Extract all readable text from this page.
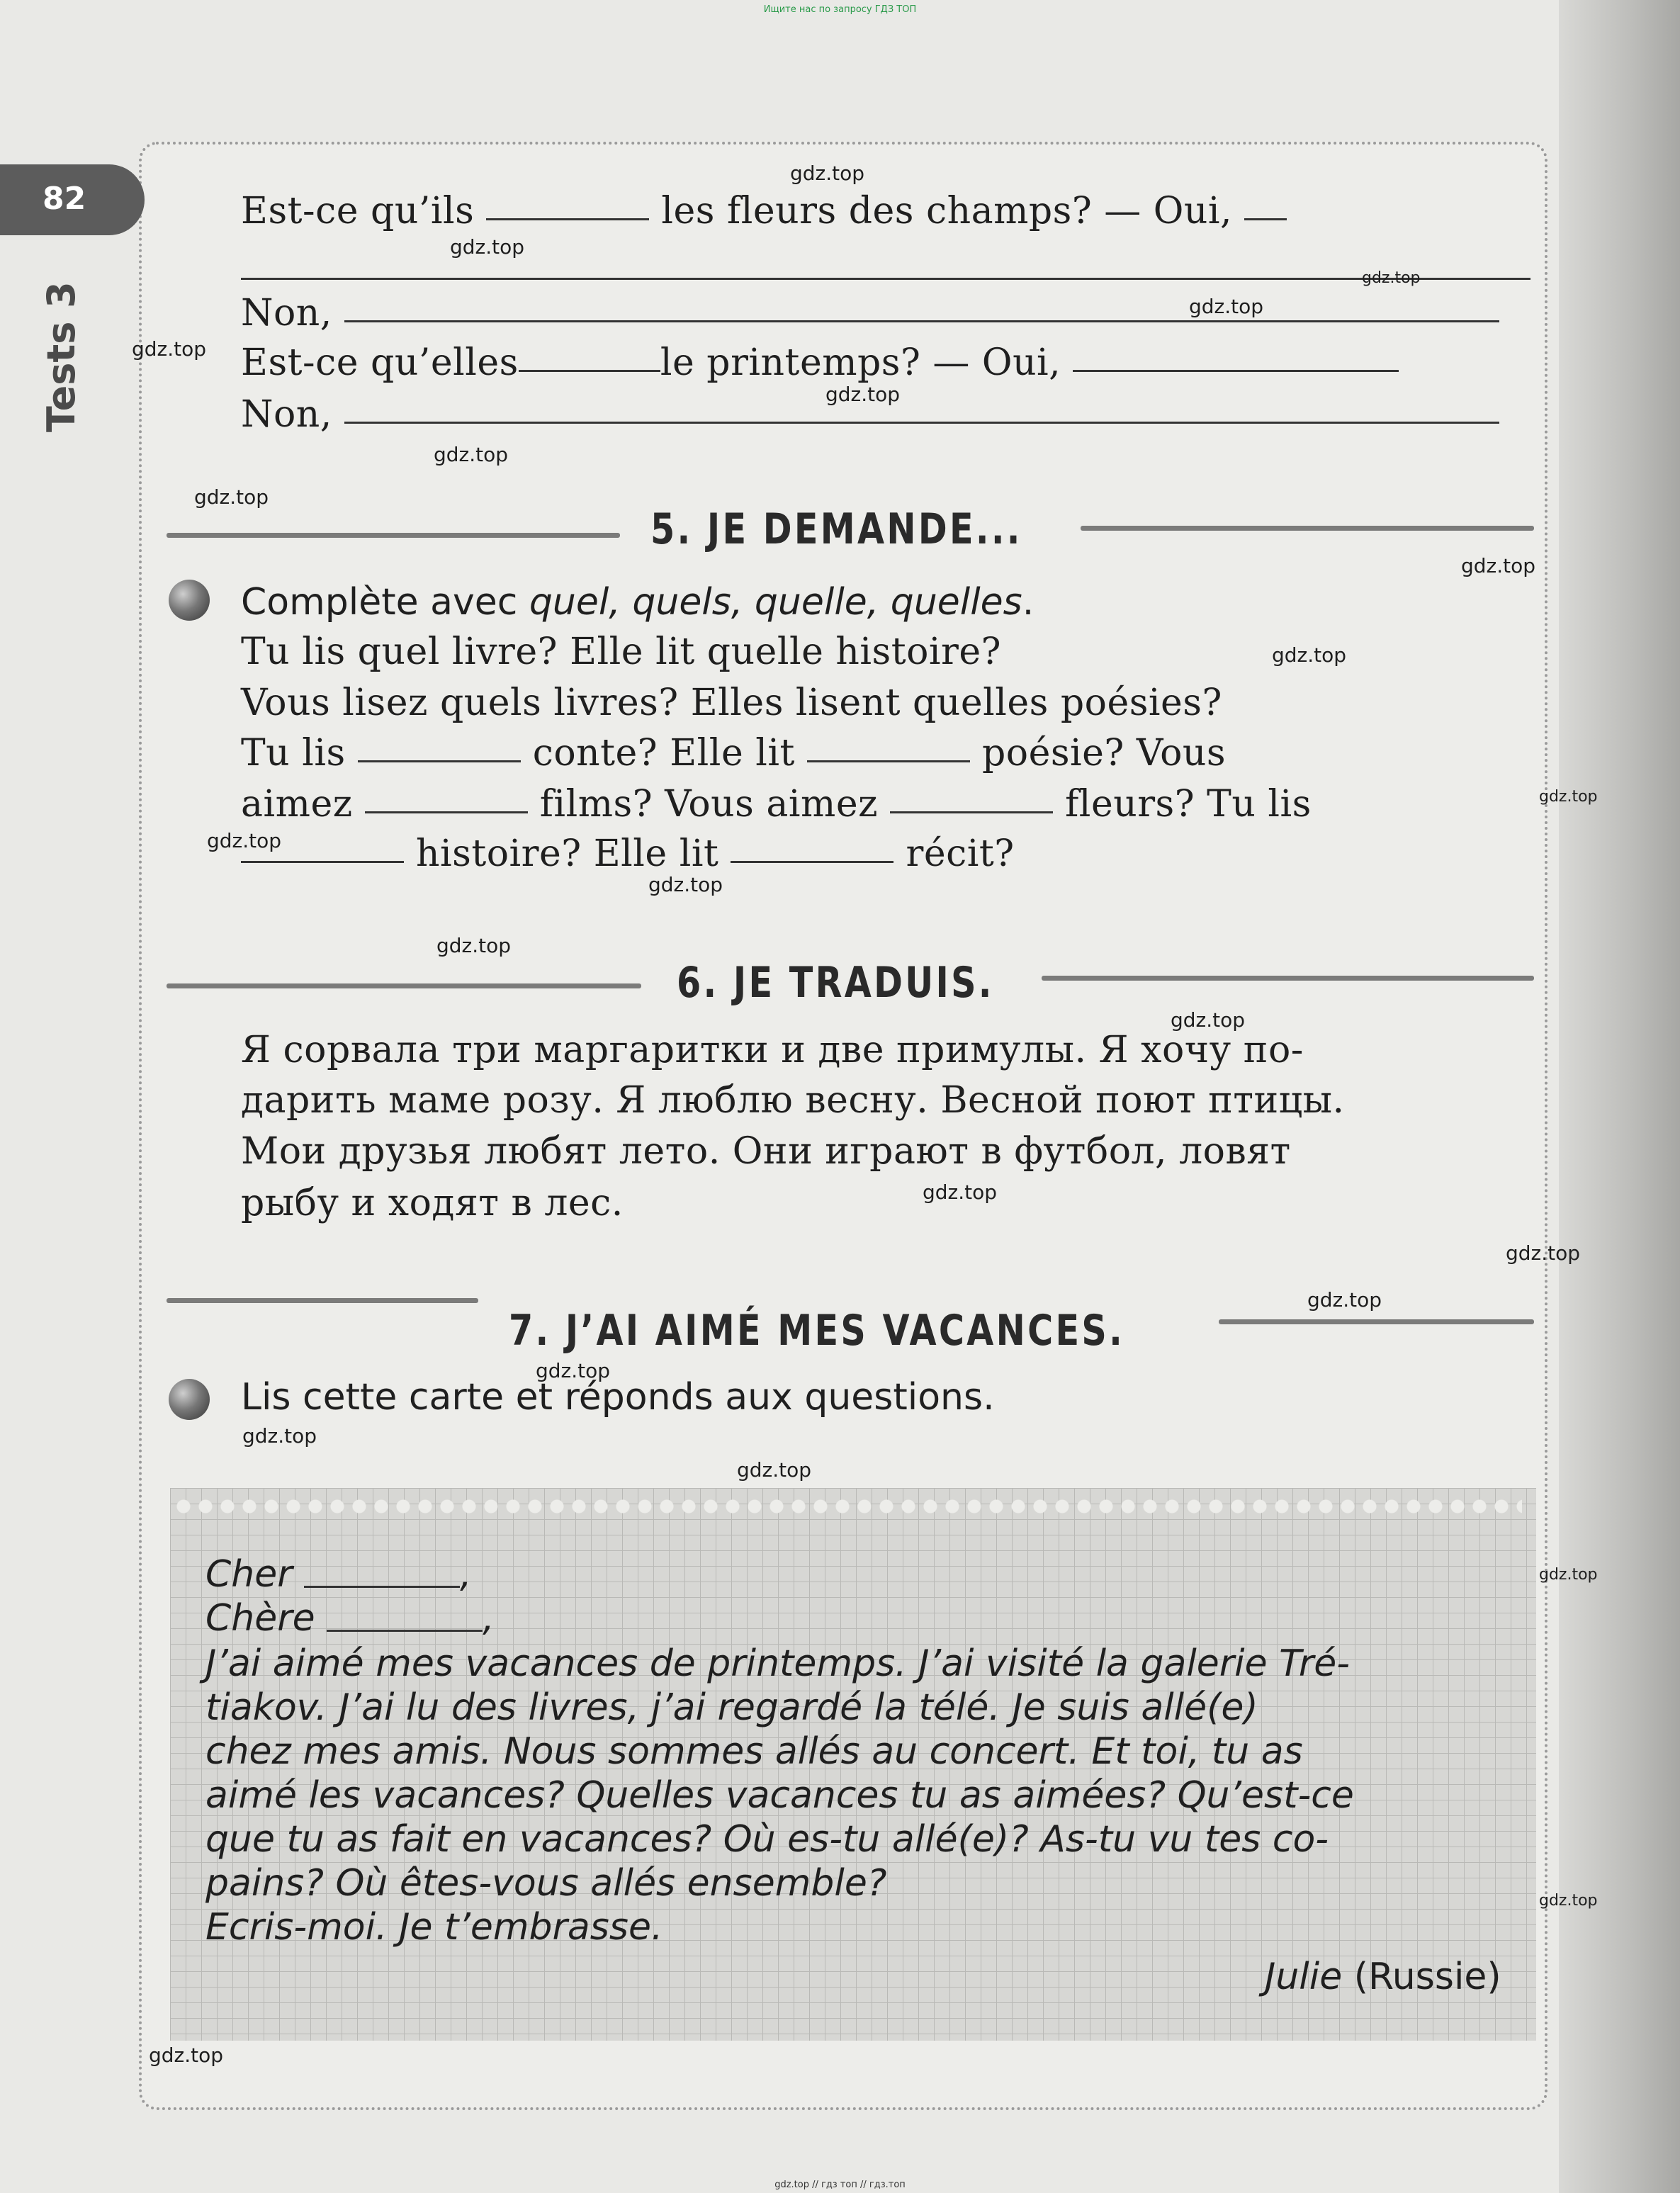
Ищите нас по запросу ГДЗ ТОП
82
Tests 3
Est-ce qu’ils	les fleurs des champs? — Oui,
Non,
Est-ce qu’elles	le printemps? — Oui,
Non,
5. JE DEMANDE...
Complète avec quel, quels, quelle, quelles.
Tu lis quel livre? Elle lit quelle histoire?
Vous lisez quels livres? Elles lisent quelles poésies?
Tu lis	conte? Elle lit	poésie? Vous
aimez	films? Vous aimez	fleurs? Tu lis
histoire? Elle lit	récit?
6. JE TRADUIS.
Я сорвала три маргаритки и две примулы. Я хочу по-
дарить маме розу. Я люблю весну. Весной поют птицы.
Мои друзья любят лето. Они играют в футбол, ловят
рыбу и ходят в лес.
7. J’AI AIMÉ MES VACANCES.
Lis cette carte et réponds aux questions.
Cher	,
Chère	,
J’ai aimé mes vacances de printemps. J’ai visité la galerie Tré-
tiakov. J’ai lu des livres, j’ai regardé la télé. Je suis allé(e)
chez mes amis. Nous sommes allés au concert. Et toi, tu as
aimé les vacances? Quelles vacances tu as aimées? Qu’est-ce
que tu as fait en vacances? Où es-tu allé(e)? As-tu vu tes co-
pains? Où êtes-vous allés ensemble?
Ecris-moi. Je t’embrasse.
Julie (Russie)
gdz.top
gdz.top
gdz.top
gdz.top
gdz.top
gdz.top
gdz.top
gdz.top
gdz.top
gdz.top
gdz.top
gdz.top
gdz.top
gdz.top
gdz.top
gdz.top
gdz.top
gdz.top
gdz.top
gdz.top
gdz.top
gdz.top
gdz.top
gdz.top
gdz.top // гдз топ // гдз.топ
